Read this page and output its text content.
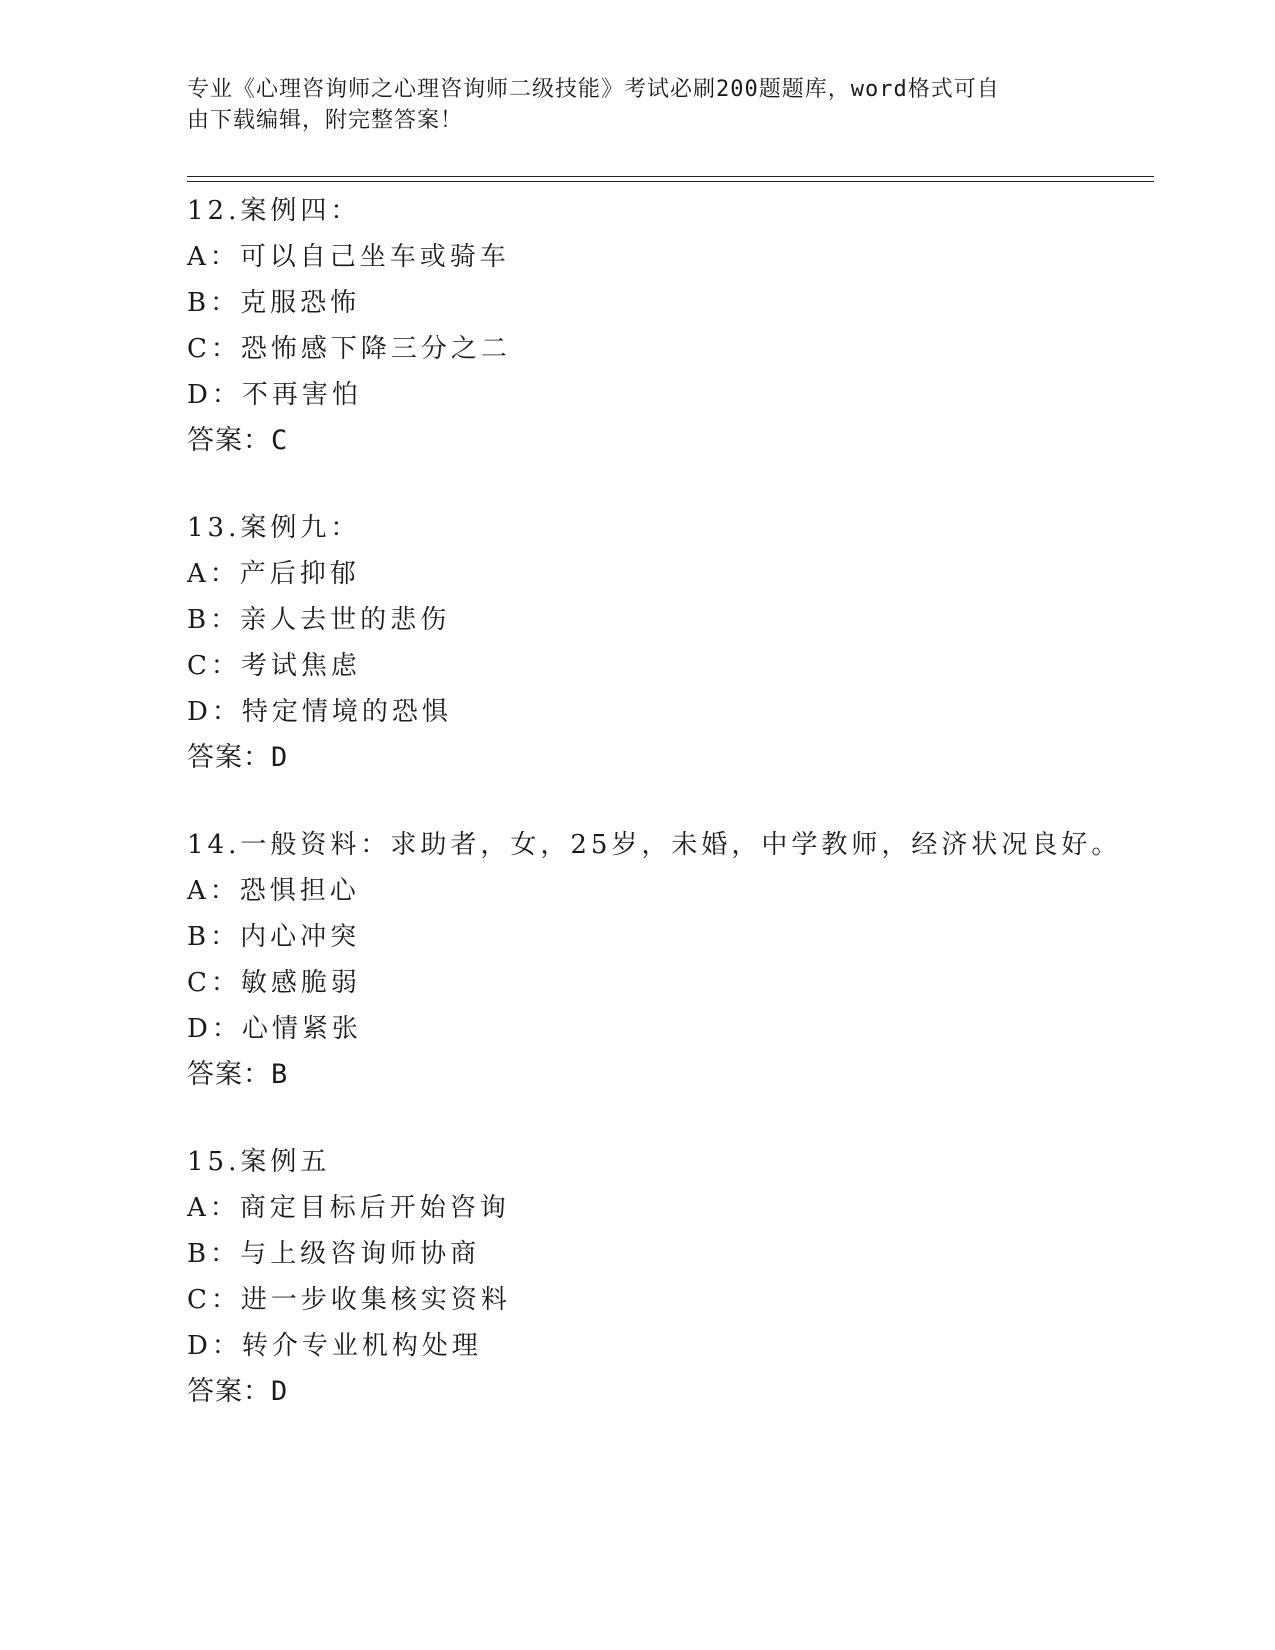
专业《心理咨询师之心理咨询师二级技能》考试必刷200题题库，word格式可自
由下载编辑，附完整答案！
12.案例四：
A：可以自己坐车或骑车
B：克服恐怖
C：恐怖感下降三分之二
D：不再害怕
答案：C
13.案例九：
A：产后抑郁
B：亲人去世的悲伤
C：考试焦虑
D：特定情境的恐惧
答案：D
14.一般资料：求助者，女，25岁，未婚，中学教师，经济状况良好。
A：恐惧担心
B：内心冲突
C：敏感脆弱
D：心情紧张
答案：B
15.案例五
A：商定目标后开始咨询
B：与上级咨询师协商
C：进一步收集核实资料
D：转介专业机构处理
答案：D
